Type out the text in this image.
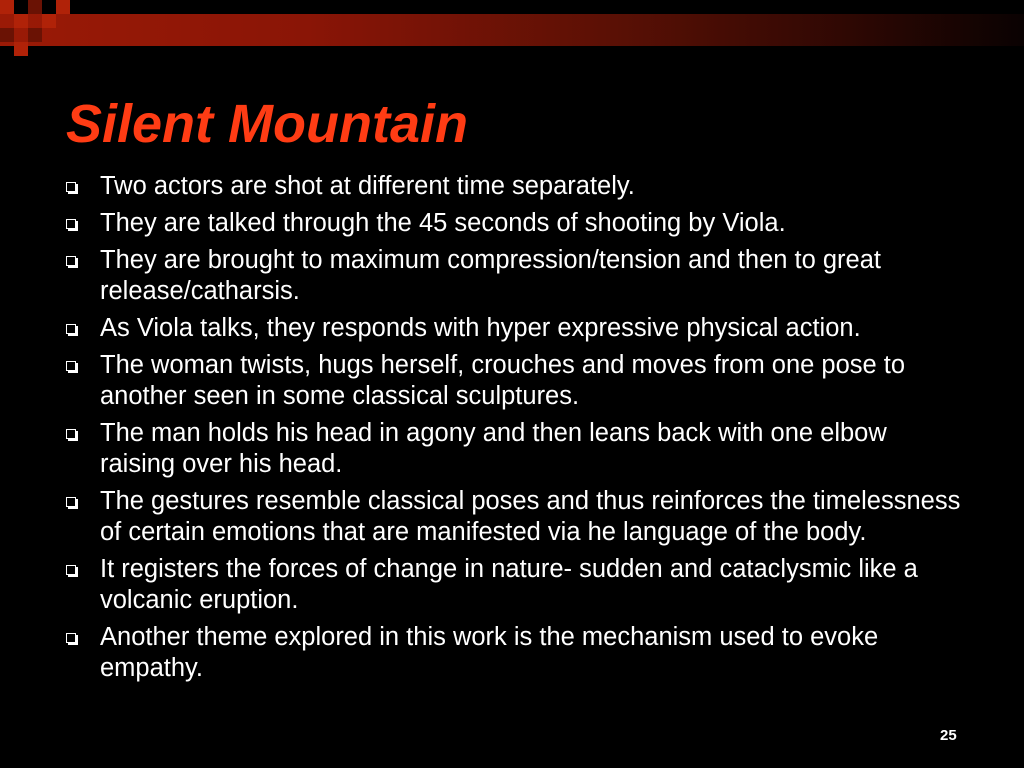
Silent Mountain
Two actors are shot at different time separately.
They are talked through the 45 seconds of shooting by Viola.
They are brought to maximum compression/tension and then to great release/catharsis.
As Viola talks, they responds with hyper expressive physical action.
The woman twists, hugs herself, crouches and moves from one pose to another seen in some classical sculptures.
The man holds his head in agony and then leans back with one elbow raising over his head.
The gestures resemble classical poses and thus reinforces the timelessness of certain emotions that are manifested via he language of the body.
It registers the forces of change in nature- sudden and cataclysmic like a volcanic eruption.
Another theme explored in this work is the mechanism used to evoke empathy.
25
